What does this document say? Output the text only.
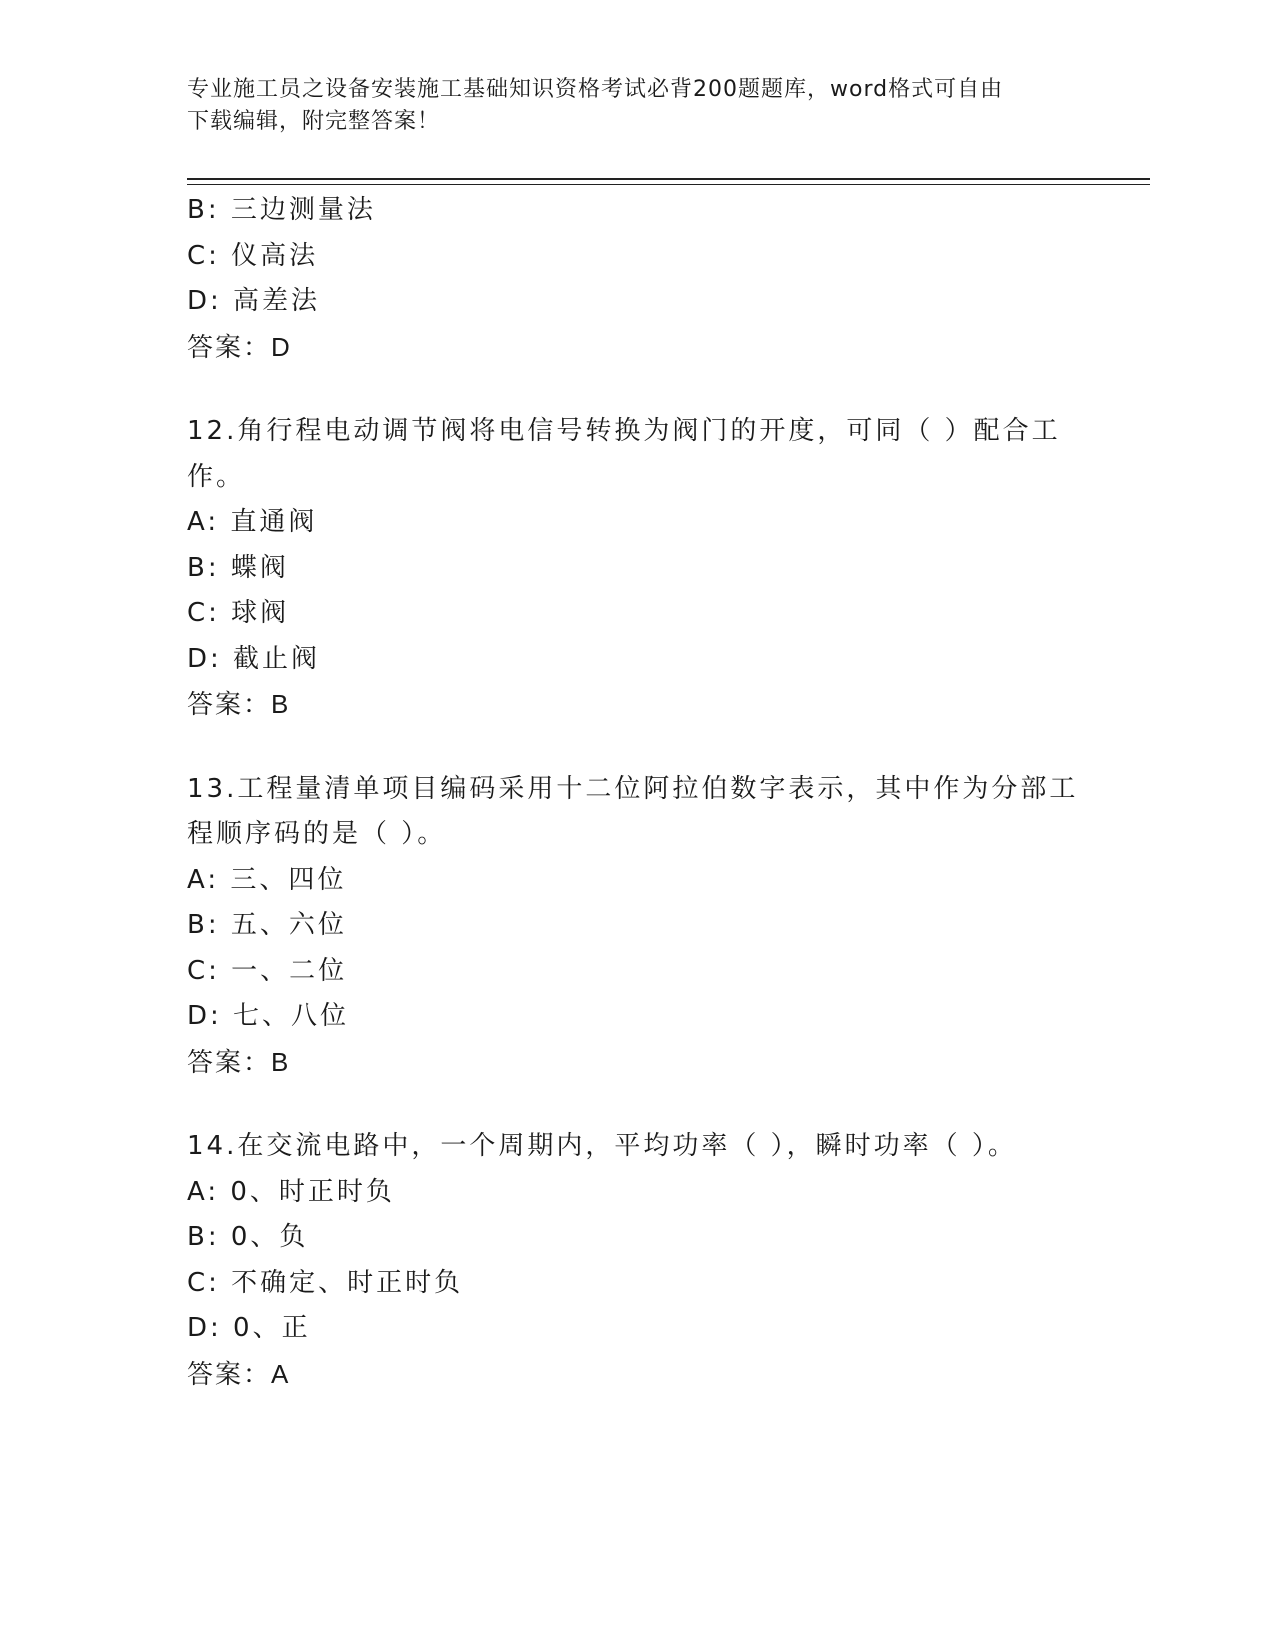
专业施工员之设备安装施工基础知识资格考试必背200题题库，word格式可自由
下载编辑，附完整答案！
B: 三边测量法
C: 仪高法
D: 高差法
答案：D
12.角行程电动调节阀将电信号转换为阀门的开度，可同（ ）配合工
作。
A: 直通阀
B: 蝶阀
C: 球阀
D: 截止阀
答案：B
13.工程量清单项目编码采用十二位阿拉伯数字表示，其中作为分部工
程顺序码的是（ ）。
A: 三、四位
B: 五、六位
C: 一、二位
D: 七、八位
答案：B
14.在交流电路中，一个周期内，平均功率（ ），瞬时功率（ ）。
A: 0、时正时负
B: 0、负
C: 不确定、时正时负
D: 0、正
答案：A
